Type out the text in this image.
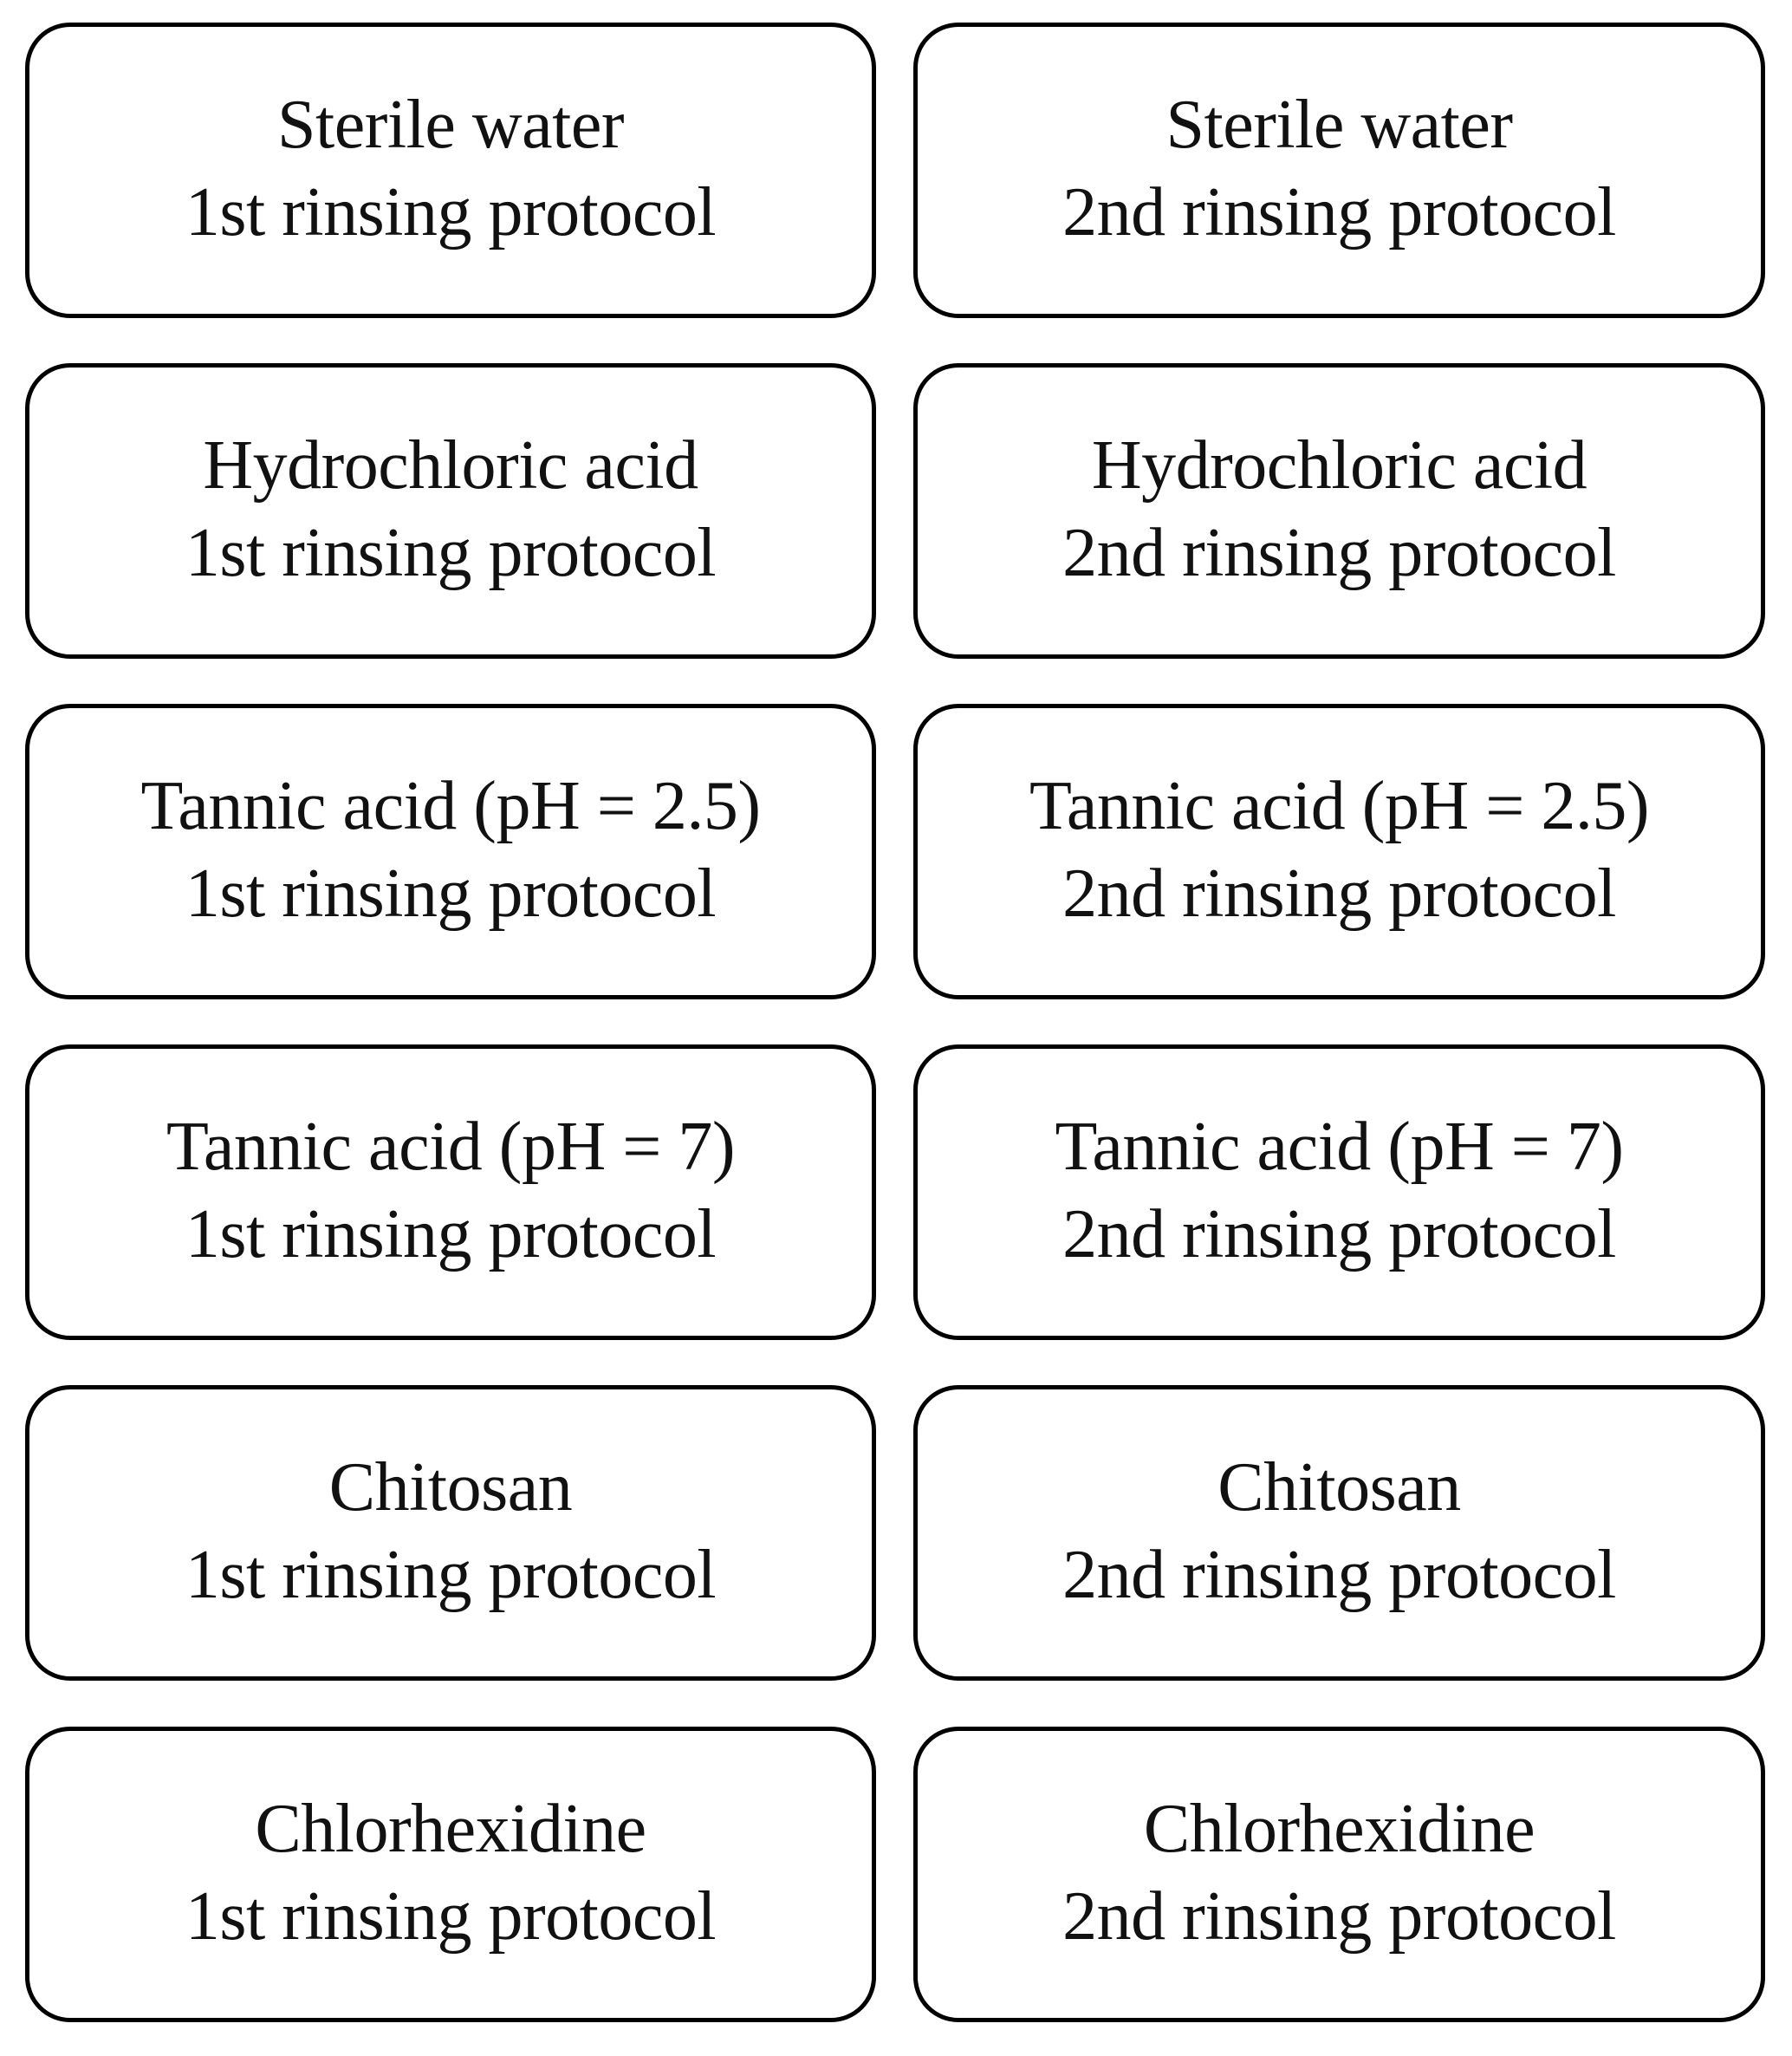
Sterile water
1st rinsing protocol
Sterile water
2nd rinsing protocol
Hydrochloric acid
1st rinsing protocol
Hydrochloric acid
2nd rinsing protocol
Tannic acid (pH = 2.5)
1st rinsing protocol
Tannic acid (pH = 2.5)
2nd rinsing protocol
Tannic acid (pH = 7)
1st rinsing protocol
Tannic acid (pH = 7)
2nd rinsing protocol
Chitosan
1st rinsing protocol
Chitosan
2nd rinsing protocol
Chlorhexidine
1st rinsing protocol
Chlorhexidine
2nd rinsing protocol
